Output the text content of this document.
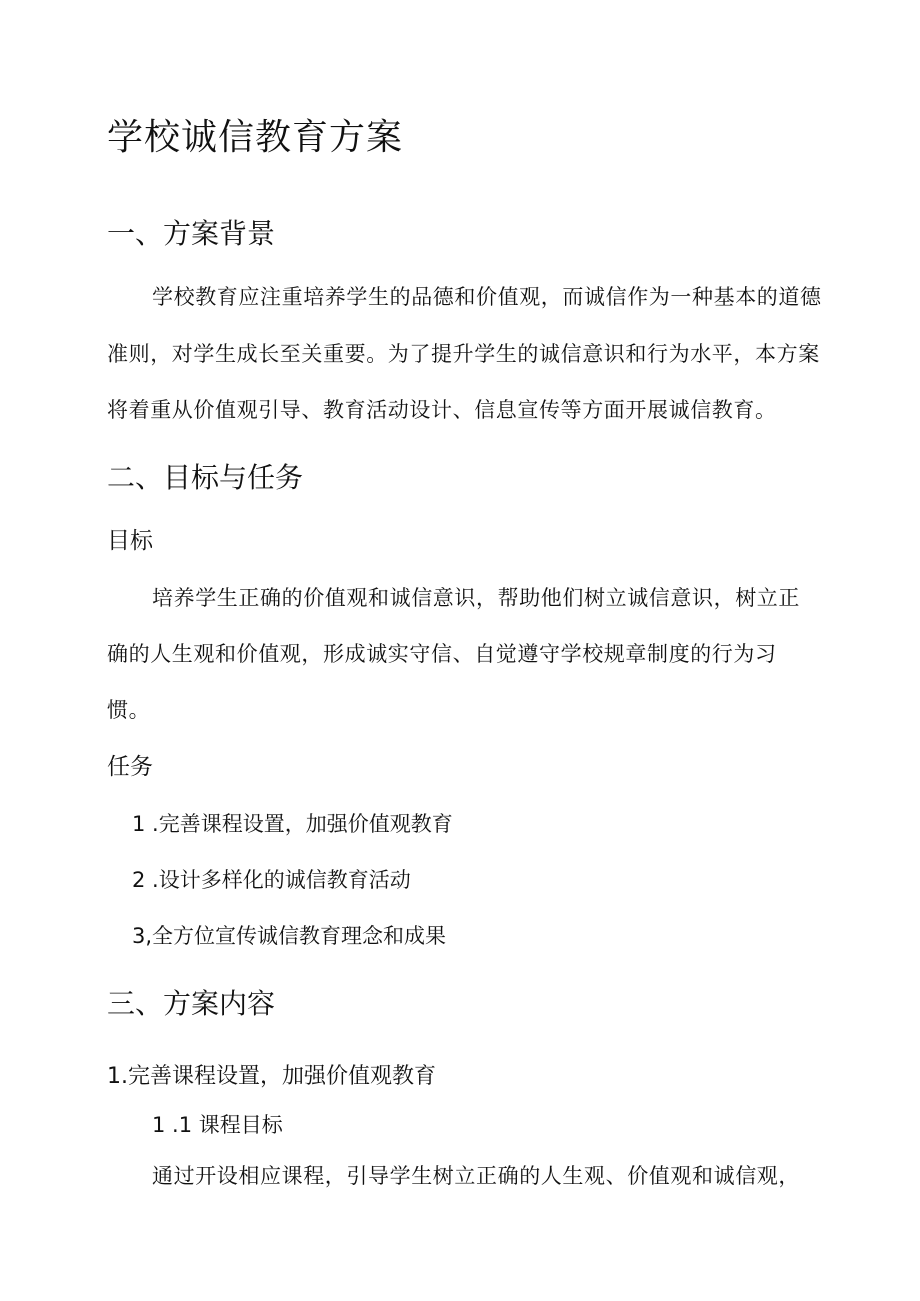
学校诚信教育方案
一、方案背景
学校教育应注重培养学生的品德和价值观，而诚信作为一种基本的道德
准则，对学生成长至关重要。为了提升学生的诚信意识和行为水平，本方案
将着重从价值观引导、教育活动设计、信息宣传等方面开展诚信教育。
二、目标与任务
目标
培养学生正确的价值观和诚信意识，帮助他们树立诚信意识，树立正
确的人生观和价值观，形成诚实守信、自觉遵守学校规章制度的行为习
惯。
任务
1 .完善课程设置，加强价值观教育
2 .设计多样化的诚信教育活动
3,全方位宣传诚信教育理念和成果
三、方案内容
1.完善课程设置，加强价值观教育
1 .1 课程目标
通过开设相应课程，引导学生树立正确的人生观、价值观和诚信观，
